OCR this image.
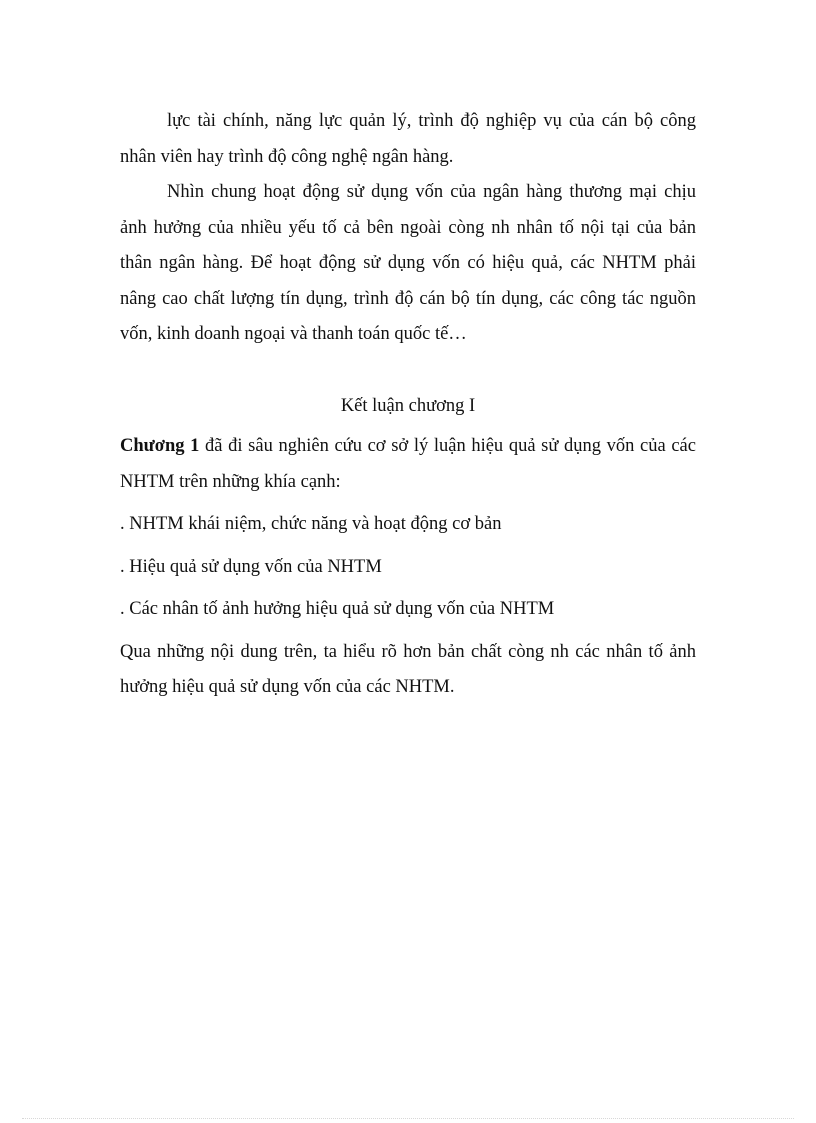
lực tài chính, năng lực quản lý, trình độ nghiệp vụ của cán bộ công nhân viên hay trình độ công nghệ ngân hàng.

Nhìn chung hoạt động sử dụng vốn của ngân hàng thương mại chịu ảnh hưởng của nhiều yếu tố cả bên ngoài còng nh nhân tố nội tại của bản thân ngân hàng. Để hoạt động sử dụng vốn có hiệu quả, các NHTM phải nâng cao chất lượng tín dụng, trình độ cán bộ tín dụng, các công tác nguồn vốn, kinh doanh ngoại và thanh toán quốc tế…

Kết luận chương I

Chương 1 đã đi sâu nghiên cứu cơ sở lý luận hiệu quả sử dụng vốn của các NHTM trên những khía cạnh:

. NHTM khái niệm, chức năng và hoạt động cơ bản

. Hiệu quả sử dụng vốn của NHTM

. Các nhân tố ảnh hưởng hiệu quả sử dụng vốn của NHTM

Qua những nội dung trên, ta hiểu rõ hơn bản chất còng nh các nhân tố ảnh hưởng hiệu quả sử dụng vốn của các NHTM.
